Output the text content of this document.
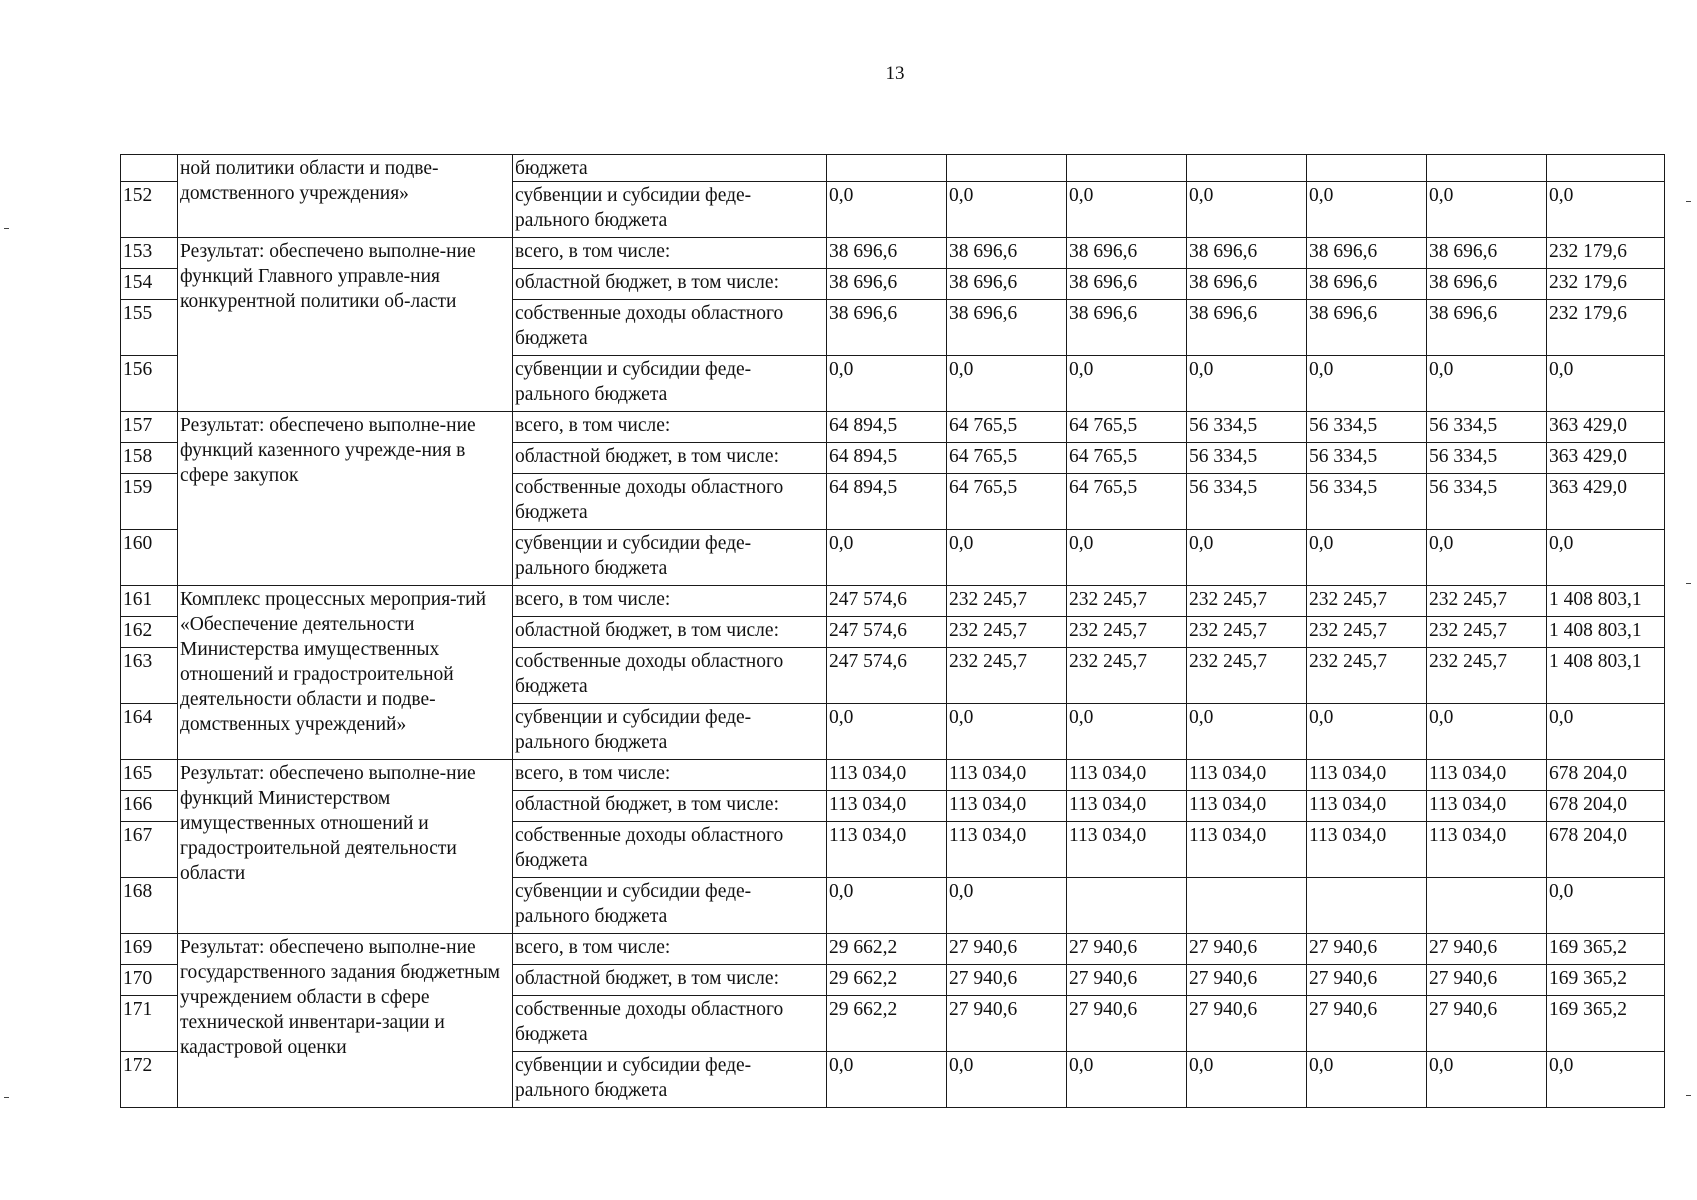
13
	ной политики области и подве-домственного учреждения»	бюджета							
152		субвенции и субсидии феде-рального бюджета	0,0	0,0	0,0	0,0	0,0	0,0	0,0
153	Результат: обеспечено выполне-ние функций Главного управле-ния конкурентной политики об-ласти	всего, в том числе:	38 696,6	38 696,6	38 696,6	38 696,6	38 696,6	38 696,6	232 179,6
154		областной бюджет, в том числе:	38 696,6	38 696,6	38 696,6	38 696,6	38 696,6	38 696,6	232 179,6
155		собственные доходы областного бюджета	38 696,6	38 696,6	38 696,6	38 696,6	38 696,6	38 696,6	232 179,6
156		субвенции и субсидии феде-рального бюджета	0,0	0,0	0,0	0,0	0,0	0,0	0,0
157	Результат: обеспечено выполне-ние функций казенного учрежде-ния в сфере закупок	всего, в том числе:	64 894,5	64 765,5	64 765,5	56 334,5	56 334,5	56 334,5	363 429,0
158		областной бюджет, в том числе:	64 894,5	64 765,5	64 765,5	56 334,5	56 334,5	56 334,5	363 429,0
159		собственные доходы областного бюджета	64 894,5	64 765,5	64 765,5	56 334,5	56 334,5	56 334,5	363 429,0
160		субвенции и субсидии феде-рального бюджета	0,0	0,0	0,0	0,0	0,0	0,0	0,0
161	Комплекс процессных мероприя-тий «Обеспечение деятельности Министерства имущественных отношений и градостроительной деятельности области и подве-домственных учреждений»	всего, в том числе:	247 574,6	232 245,7	232 245,7	232 245,7	232 245,7	232 245,7	1 408 803,1
162		областной бюджет, в том числе:	247 574,6	232 245,7	232 245,7	232 245,7	232 245,7	232 245,7	1 408 803,1
163		собственные доходы областного бюджета	247 574,6	232 245,7	232 245,7	232 245,7	232 245,7	232 245,7	1 408 803,1
164		субвенции и субсидии феде-рального бюджета	0,0	0,0	0,0	0,0	0,0	0,0	0,0
165	Результат: обеспечено выполне-ние функций Министерством имущественных отношений и градостроительной деятельности области	всего, в том числе:	113 034,0	113 034,0	113 034,0	113 034,0	113 034,0	113 034,0	678 204,0
166		областной бюджет, в том числе:	113 034,0	113 034,0	113 034,0	113 034,0	113 034,0	113 034,0	678 204,0
167		собственные доходы областного бюджета	113 034,0	113 034,0	113 034,0	113 034,0	113 034,0	113 034,0	678 204,0
168		субвенции и субсидии феде-рального бюджета	0,0	0,0					0,0
169	Результат: обеспечено выполне-ние государственного задания бюджетным учреждением области в сфере технической инвентари-зации и кадастровой оценки	всего, в том числе:	29 662,2	27 940,6	27 940,6	27 940,6	27 940,6	27 940,6	169 365,2
170		областной бюджет, в том числе:	29 662,2	27 940,6	27 940,6	27 940,6	27 940,6	27 940,6	169 365,2
171		собственные доходы областного бюджета	29 662,2	27 940,6	27 940,6	27 940,6	27 940,6	27 940,6	169 365,2
172		субвенции и субсидии феде-рального бюджета	0,0	0,0	0,0	0,0	0,0	0,0	0,0
